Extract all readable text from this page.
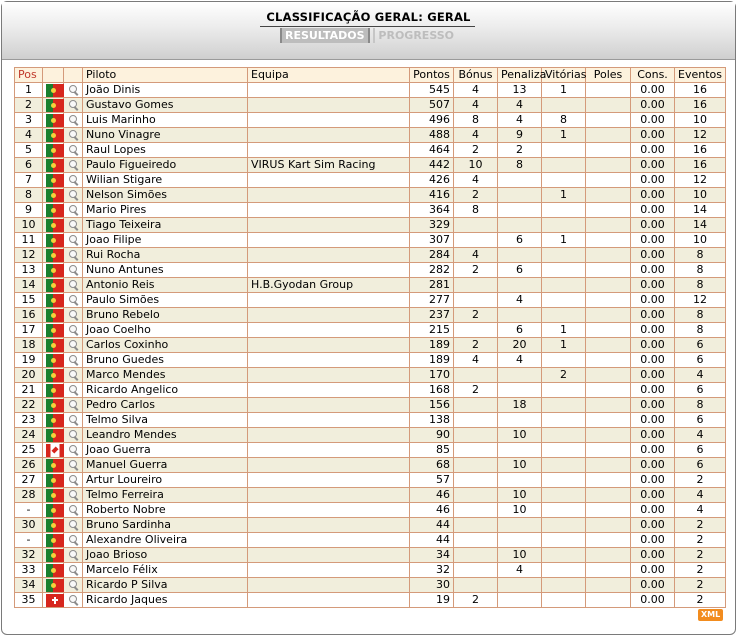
CLASSIFICAÇÃO GERAL: GERAL
RESULTADOS PROGRESSO
Pos			Piloto	Equipa	Pontos	Bónus	Penaliza	Vitórias	Poles	Cons.	Eventos
1			João Dinis		545	4	13	1		0.00	16
2			Gustavo Gomes		507	4	4			0.00	16
3			Luis Marinho		496	8	4	8		0.00	10
4			Nuno Vinagre		488	4	9	1		0.00	12
5			Raul Lopes		464	2	2			0.00	16
6			Paulo Figueiredo	VIRUS Kart Sim Racing	442	10	8			0.00	16
7			Wilian Stigare		426	4				0.00	12
8			Nelson Simões		416	2		1		0.00	10
9			Mario Pires		364	8				0.00	14
10			Tiago Teixeira		329					0.00	14
11			Joao Filipe		307		6	1		0.00	10
12			Rui Rocha		284	4				0.00	8
13			Nuno Antunes		282	2	6			0.00	8
14			Antonio Reis	H.B.Gyodan Group	281					0.00	8
15			Paulo Simões		277		4			0.00	12
16			Bruno Rebelo		237	2				0.00	8
17			Joao Coelho		215		6	1		0.00	8
18			Carlos Coxinho		189	2	20	1		0.00	6
19			Bruno Guedes		189	4	4			0.00	6
20			Marco Mendes		170			2		0.00	4
21			Ricardo Angelico		168	2				0.00	6
22			Pedro Carlos		156		18			0.00	8
23			Telmo Silva		138					0.00	6
24			Leandro Mendes		90		10			0.00	4
25			Joao Guerra		85					0.00	6
26			Manuel Guerra		68		10			0.00	6
27			Artur Loureiro		57					0.00	2
28			Telmo Ferreira		46		10			0.00	4
-			Roberto Nobre		46		10			0.00	4
30			Bruno Sardinha		44					0.00	2
-			Alexandre Oliveira		44					0.00	2
32			Joao Brioso		34		10			0.00	2
33			Marcelo Félix		32		4			0.00	2
34			Ricardo P Silva		30					0.00	2
35			Ricardo Jaques		19	2				0.00	2
XML
